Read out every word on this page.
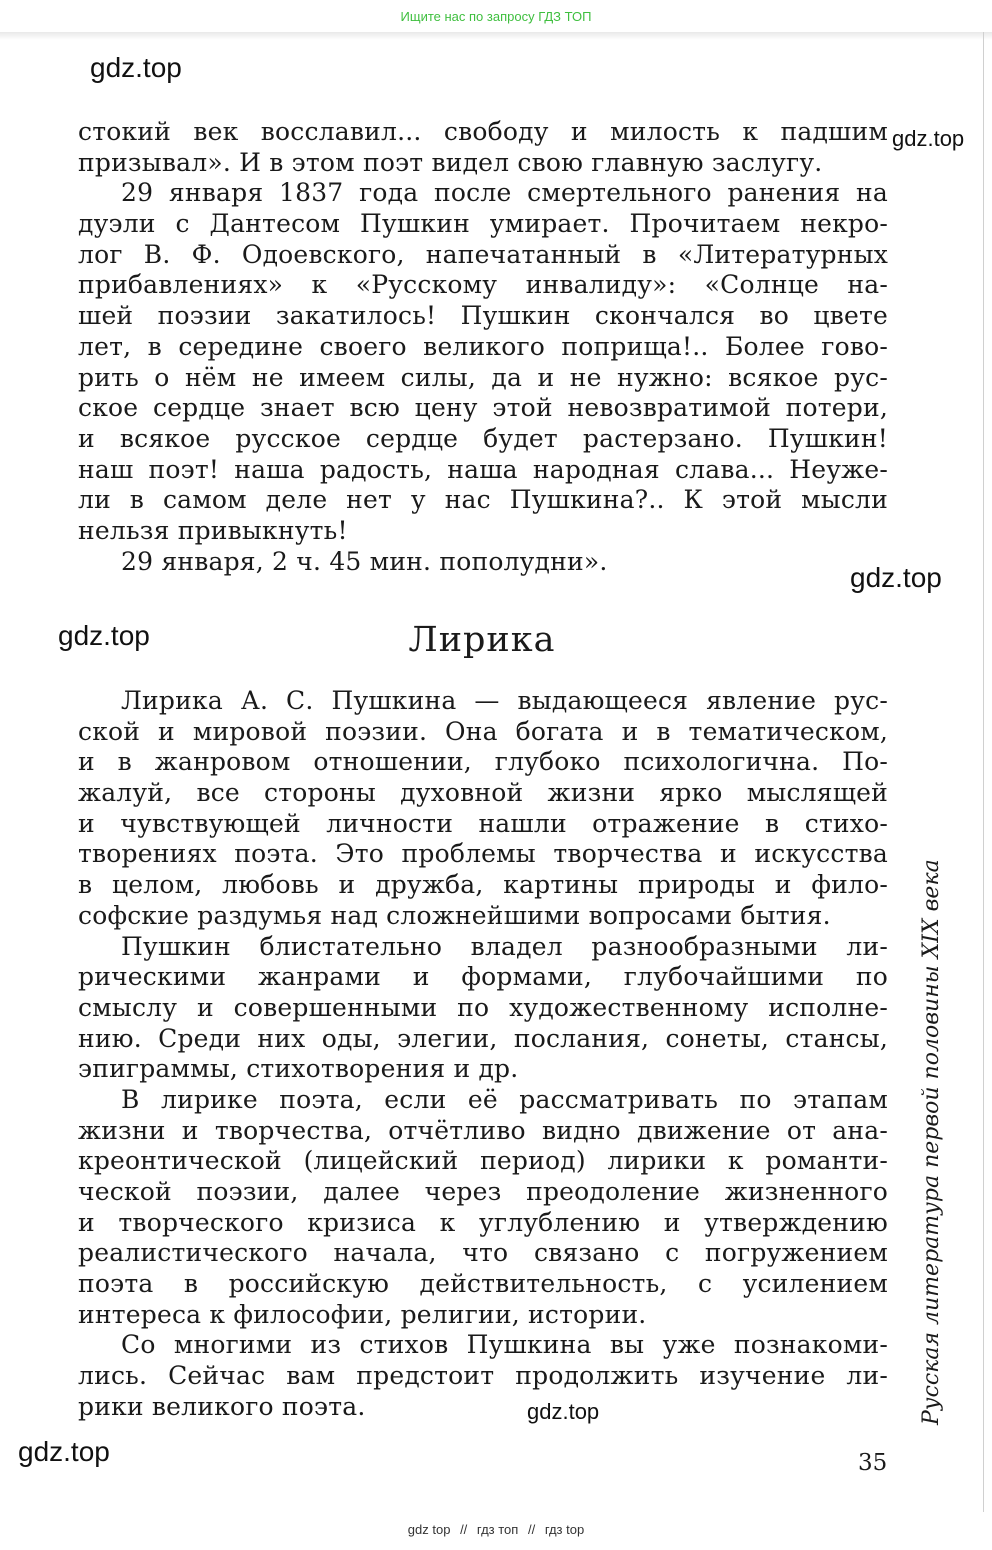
Ищите нас по запросу ГДЗ ТОП
gdz.top
gdz.top
gdz.top
gdz.top
gdz.top
gdz.top
стокий век восславил... свободу и милость к падшим
призывал». И в этом поэт видел свою главную заслугу.
29 января 1837 года после смертельного ранения на
дуэли с Дантесом Пушкин умирает. Прочитаем некро-
лог В. Ф. Одоевского, напечатанный в «Литературных
прибавлениях» к «Русскому инвалиду»: «Солнце на-
шей поэзии закатилось! Пушкин скончался во цвете
лет, в середине своего великого поприща!.. Более гово-
рить о нём не имеем силы, да и не нужно: всякое рус-
ское сердце знает всю цену этой невозвратимой потери,
и всякое русское сердце будет растерзано. Пушкин!
наш поэт! наша радость, наша народная слава... Неуже-
ли в самом деле нет у нас Пушкина?.. К этой мысли
нельзя привыкнуть!
29 января, 2 ч. 45 мин. пополудни».
Лирика
Лирика А. С. Пушкина — выдающееся явление рус-
ской и мировой поэзии. Она богата и в тематическом,
и в жанровом отношении, глубоко психологична. По-
жалуй, все стороны духовной жизни ярко мыслящей
и чувствующей личности нашли отражение в стихо-
творениях поэта. Это проблемы творчества и искусства
в целом, любовь и дружба, картины природы и фило-
софские раздумья над сложнейшими вопросами бытия.
Пушкин блистательно владел разнообразными ли-
рическими жанрами и формами, глубочайшими по
смыслу и совершенными по художественному исполне-
нию. Среди них оды, элегии, послания, сонеты, стансы,
эпиграммы, стихотворения и др.
В лирике поэта, если её рассматривать по этапам
жизни и творчества, отчётливо видно движение от ана-
креонтической (лицейский период) лирики к романти-
ческой поэзии, далее через преодоление жизненного
и творческого кризиса к углублению и утверждению
реалистического начала, что связано с погружением
поэта в российскую действительность, с усилением
интереса к философии, религии, истории.
Со многими из стихов Пушкина вы уже познакоми-
лись. Сейчас вам предстоит продолжить изучение ли-
рики великого поэта.	Русская литература первой половины XIX века
35
gdz top // гдз топ // гдз top
